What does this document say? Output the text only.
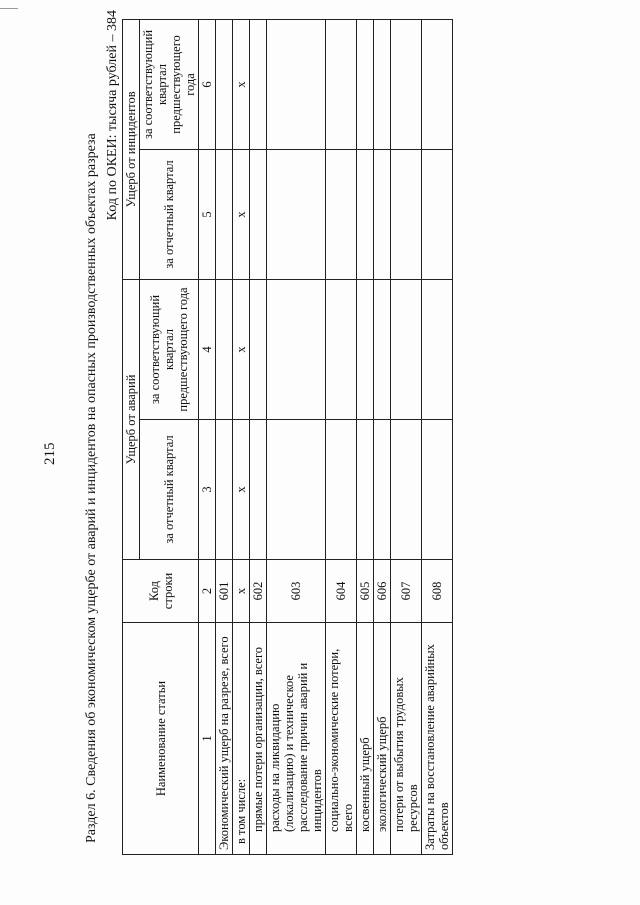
215 Раздел 6. Сведения об экономическом ущербе от аварий и инцидентов на опасных производственных объектах разреза
Код по ОКЕИ: тысяча рублей – 384
Наименование статьи	Код строки	Ущерб от аварий		Ущерб от инцидентов	
		за отчетный квартал	за соответствующий квартал предшествующего года	за отчетный квартал	за соответствующий квартал предшествующего года
1	2	3	4	5	6
Экономический ущерб на разрезе, всего	601				
в том числе:	x	x	x	x	x
прямые потери организации, всего	602				
расходы на ликвидацию (локализацию) и техническое расследование причин аварий и инцидентов	603				
социально-экономические потери, всего	604				
косвенный ущерб	605				
экологический ущерб	606				
потери от выбытия трудовых ресурсов	607				
Затраты на восстановление аварийных объектов	608				
